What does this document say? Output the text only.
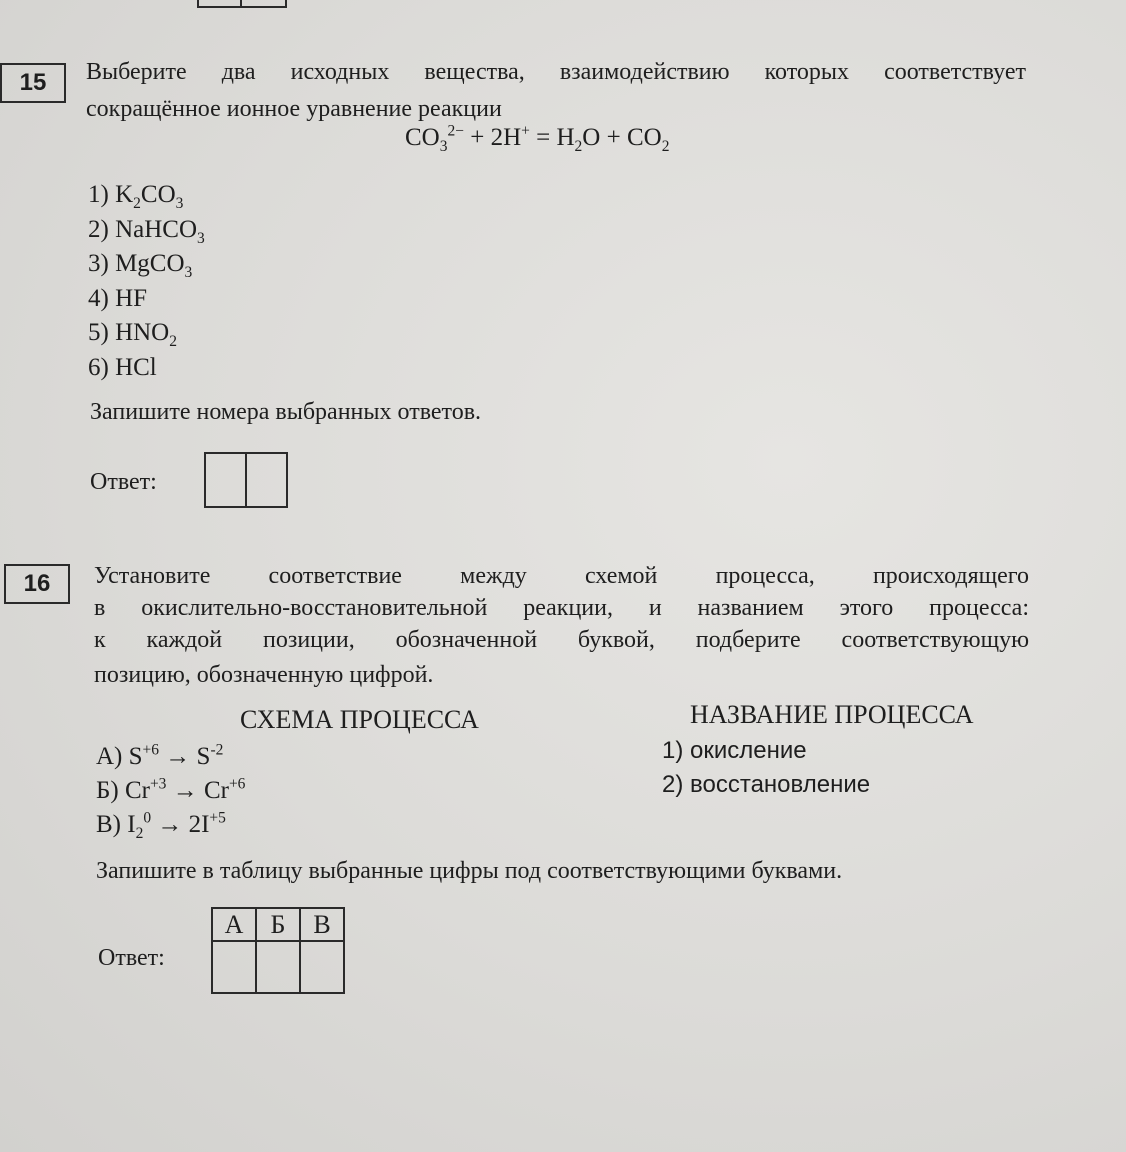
15 Выберите два исходных вещества, взаимодействию которых соответствует
сокращённое ионное уравнение реакции
$CO_3^{2-} + 2H^+ = H_2O + CO_2$
1) $K_2CO_3$
2) NaHCO$_3$
3) MgCO$_3$
4) HF
5) $HNO_2$
6) HCl
Запишите номера выбранных ответов.
Ответ:
16 Установите соответствие между схемой процесса, происходящего
в окислительно-восстановительной реакции, и названием этого процесса:
к каждой позиции, обозначенной буквой, подберите соответствующую
позицию, обозначенную цифрой.
СХЕМА ПРОЦЕССА	НАЗВАНИЕ ПРОЦЕССА
А) $S^{+6} \to S^{-2}$
Б) $Cr^{+3} \to Cr^{+6}$
В) $I_2^0 \to 2I^{+5}$
1) окисление
2) восстановление
Запишите в таблицу выбранные цифры под соответствующими буквами.
Ответ:
А	Б	В
